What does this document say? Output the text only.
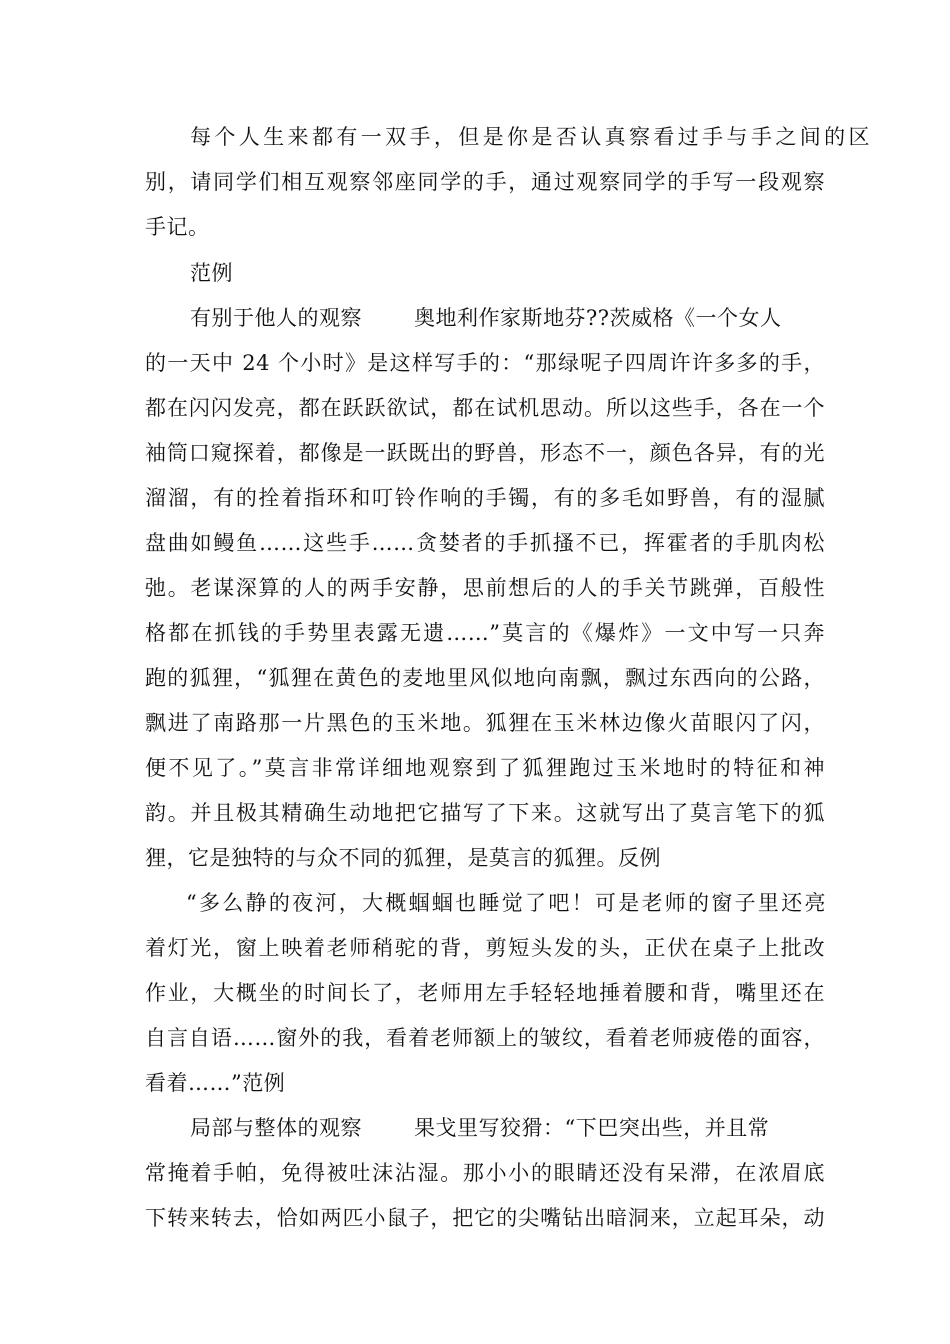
每个人生来都有一双手，但是你是否认真察看过手与手之间的区

别，请同学们相互观察邻座同学的手，通过观察同学的手写一段观察

手记。

范例

有别于他人的观察 奥地利作家斯地芬??茨威格《一个女人

的一天中 24 个小时》是这样写手的：“那绿呢子四周许许多多的手，

都在闪闪发亮，都在跃跃欲试，都在试机思动。所以这些手，各在一个

袖筒口窥探着，都像是一跃既出的野兽，形态不一，颜色各异，有的光

溜溜，有的拴着指环和叮铃作响的手镯，有的多毛如野兽，有的湿腻

盘曲如鳗鱼……这些手……贪婪者的手抓搔不已，挥霍者的手肌肉松

弛。老谋深算的人的两手安静，思前想后的人的手关节跳弹，百般性

格都在抓钱的手势里表露无遗……”莫言的《爆炸》一文中写一只奔

跑的狐狸，“狐狸在黄色的麦地里风似地向南飘，飘过东西向的公路，

飘进了南路那一片黑色的玉米地。狐狸在玉米林边像火苗眼闪了闪，

便不见了。”莫言非常详细地观察到了狐狸跑过玉米地时的特征和神

韵。并且极其精确生动地把它描写了下来。这就写出了莫言笔下的狐

狸，它是独特的与众不同的狐狸，是莫言的狐狸。反例

“多么静的夜河，大概蝈蝈也睡觉了吧！可是老师的窗子里还亮

着灯光，窗上映着老师稍驼的背，剪短头发的头，正伏在桌子上批改

作业，大概坐的时间长了，老师用左手轻轻地捶着腰和背，嘴里还在

自言自语……窗外的我，看着老师额上的皱纹，看着老师疲倦的面容，

看着……”范例

局部与整体的观察 果戈里写狡猾：“下巴突出些，并且常

常掩着手帕，免得被吐沫沾湿。那小小的眼睛还没有呆滞，在浓眉底

下转来转去，恰如两匹小鼠子，把它的尖嘴钻出暗洞来，立起耳朵，动
